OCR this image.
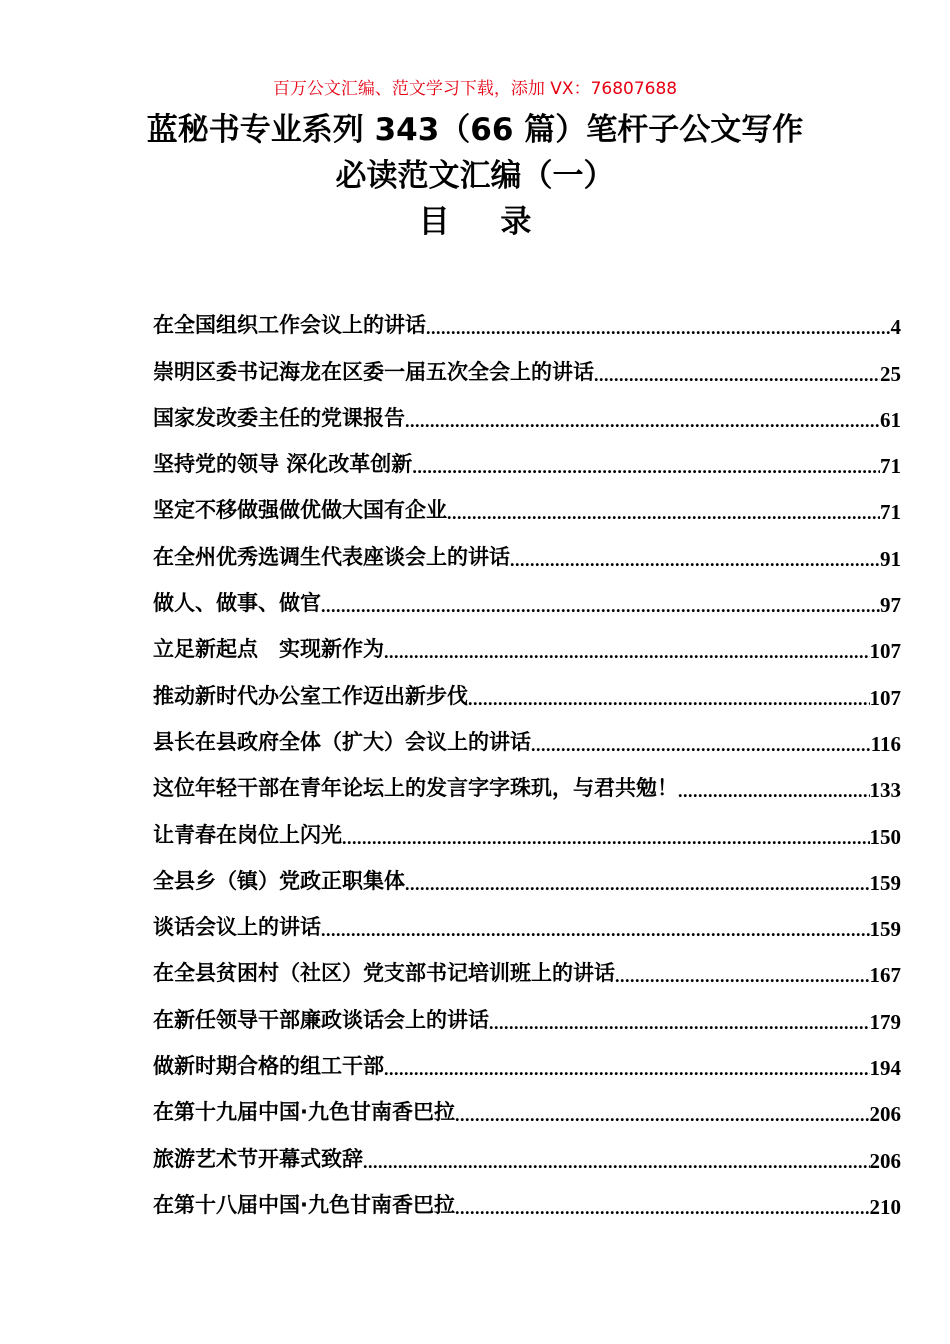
百万公文汇编、范文学习下载，添加 VX：76807688
蓝秘书专业系列 343（66 篇）笔杆子公文写作
必读范文汇编（一）
目 录
在全国组织工作会议上的讲话 .....	4
崇明区委书记海龙在区委一届五次全会上的讲话 .....	25
国家发改委主任的党课报告 .....	61
坚持党的领导 深化改革创新 .....	71
坚定不移做强做优做大国有企业 .....	71
在全州优秀选调生代表座谈会上的讲话 .....	91
做人、做事、做官 .....	97
立足新起点　实现新作为 .....	107
推动新时代办公室工作迈出新步伐 .....	107
县长在县政府全体（扩大）会议上的讲话 .....	116
这位年轻干部在青年论坛上的发言字字珠玑，与君共勉！ .....	133
让青春在岗位上闪光 .....	150
全县乡（镇）党政正职集体 .....	159
谈话会议上的讲话 .....	159
在全县贫困村（社区）党支部书记培训班上的讲话 .....	167
在新任领导干部廉政谈话会上的讲话 .....	179
做新时期合格的组工干部 .....	194
在第十九届中国·九色甘南香巴拉 .....	206
旅游艺术节开幕式致辞 .....	206
在第十八届中国·九色甘南香巴拉 .....	210
